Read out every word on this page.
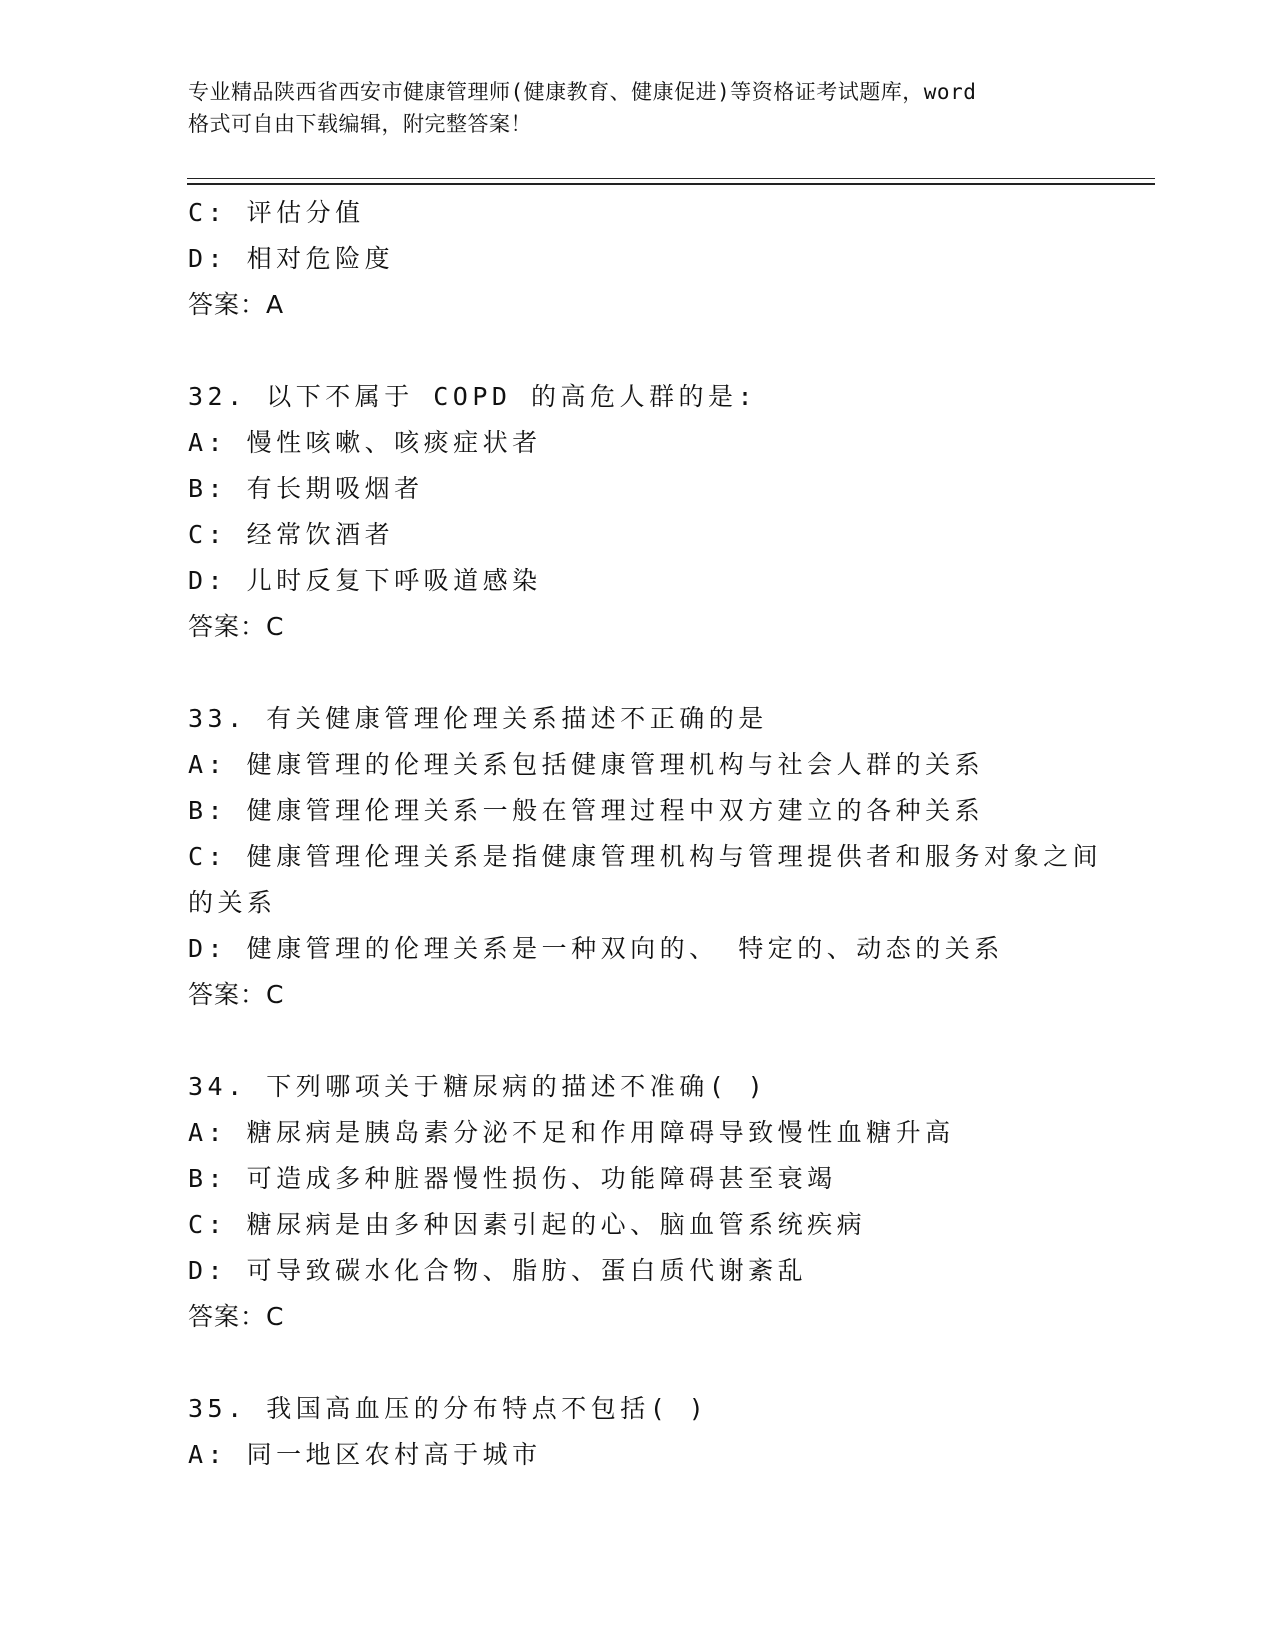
专业精品陕西省西安市健康管理师(健康教育、健康促进)等资格证考试题库，word
格式可自由下载编辑，附完整答案！
C: 评估分值
D: 相对危险度
答案：A
32. 以下不属于 COPD 的高危人群的是:
A: 慢性咳嗽、咳痰症状者
B: 有长期吸烟者
C: 经常饮酒者
D: 儿时反复下呼吸道感染
答案：C
33. 有关健康管理伦理关系描述不正确的是
A: 健康管理的伦理关系包括健康管理机构与社会人群的关系
B: 健康管理伦理关系一般在管理过程中双方建立的各种关系
C: 健康管理伦理关系是指健康管理机构与管理提供者和服务对象之间
的关系
D: 健康管理的伦理关系是一种双向的、 特定的、动态的关系
答案：C
34. 下列哪项关于糖尿病的描述不准确( )
A: 糖尿病是胰岛素分泌不足和作用障碍导致慢性血糖升高
B: 可造成多种脏器慢性损伤、功能障碍甚至衰竭
C: 糖尿病是由多种因素引起的心、脑血管系统疾病
D: 可导致碳水化合物、脂肪、蛋白质代谢紊乱
答案：C
35. 我国高血压的分布特点不包括( )
A: 同一地区农村高于城市
